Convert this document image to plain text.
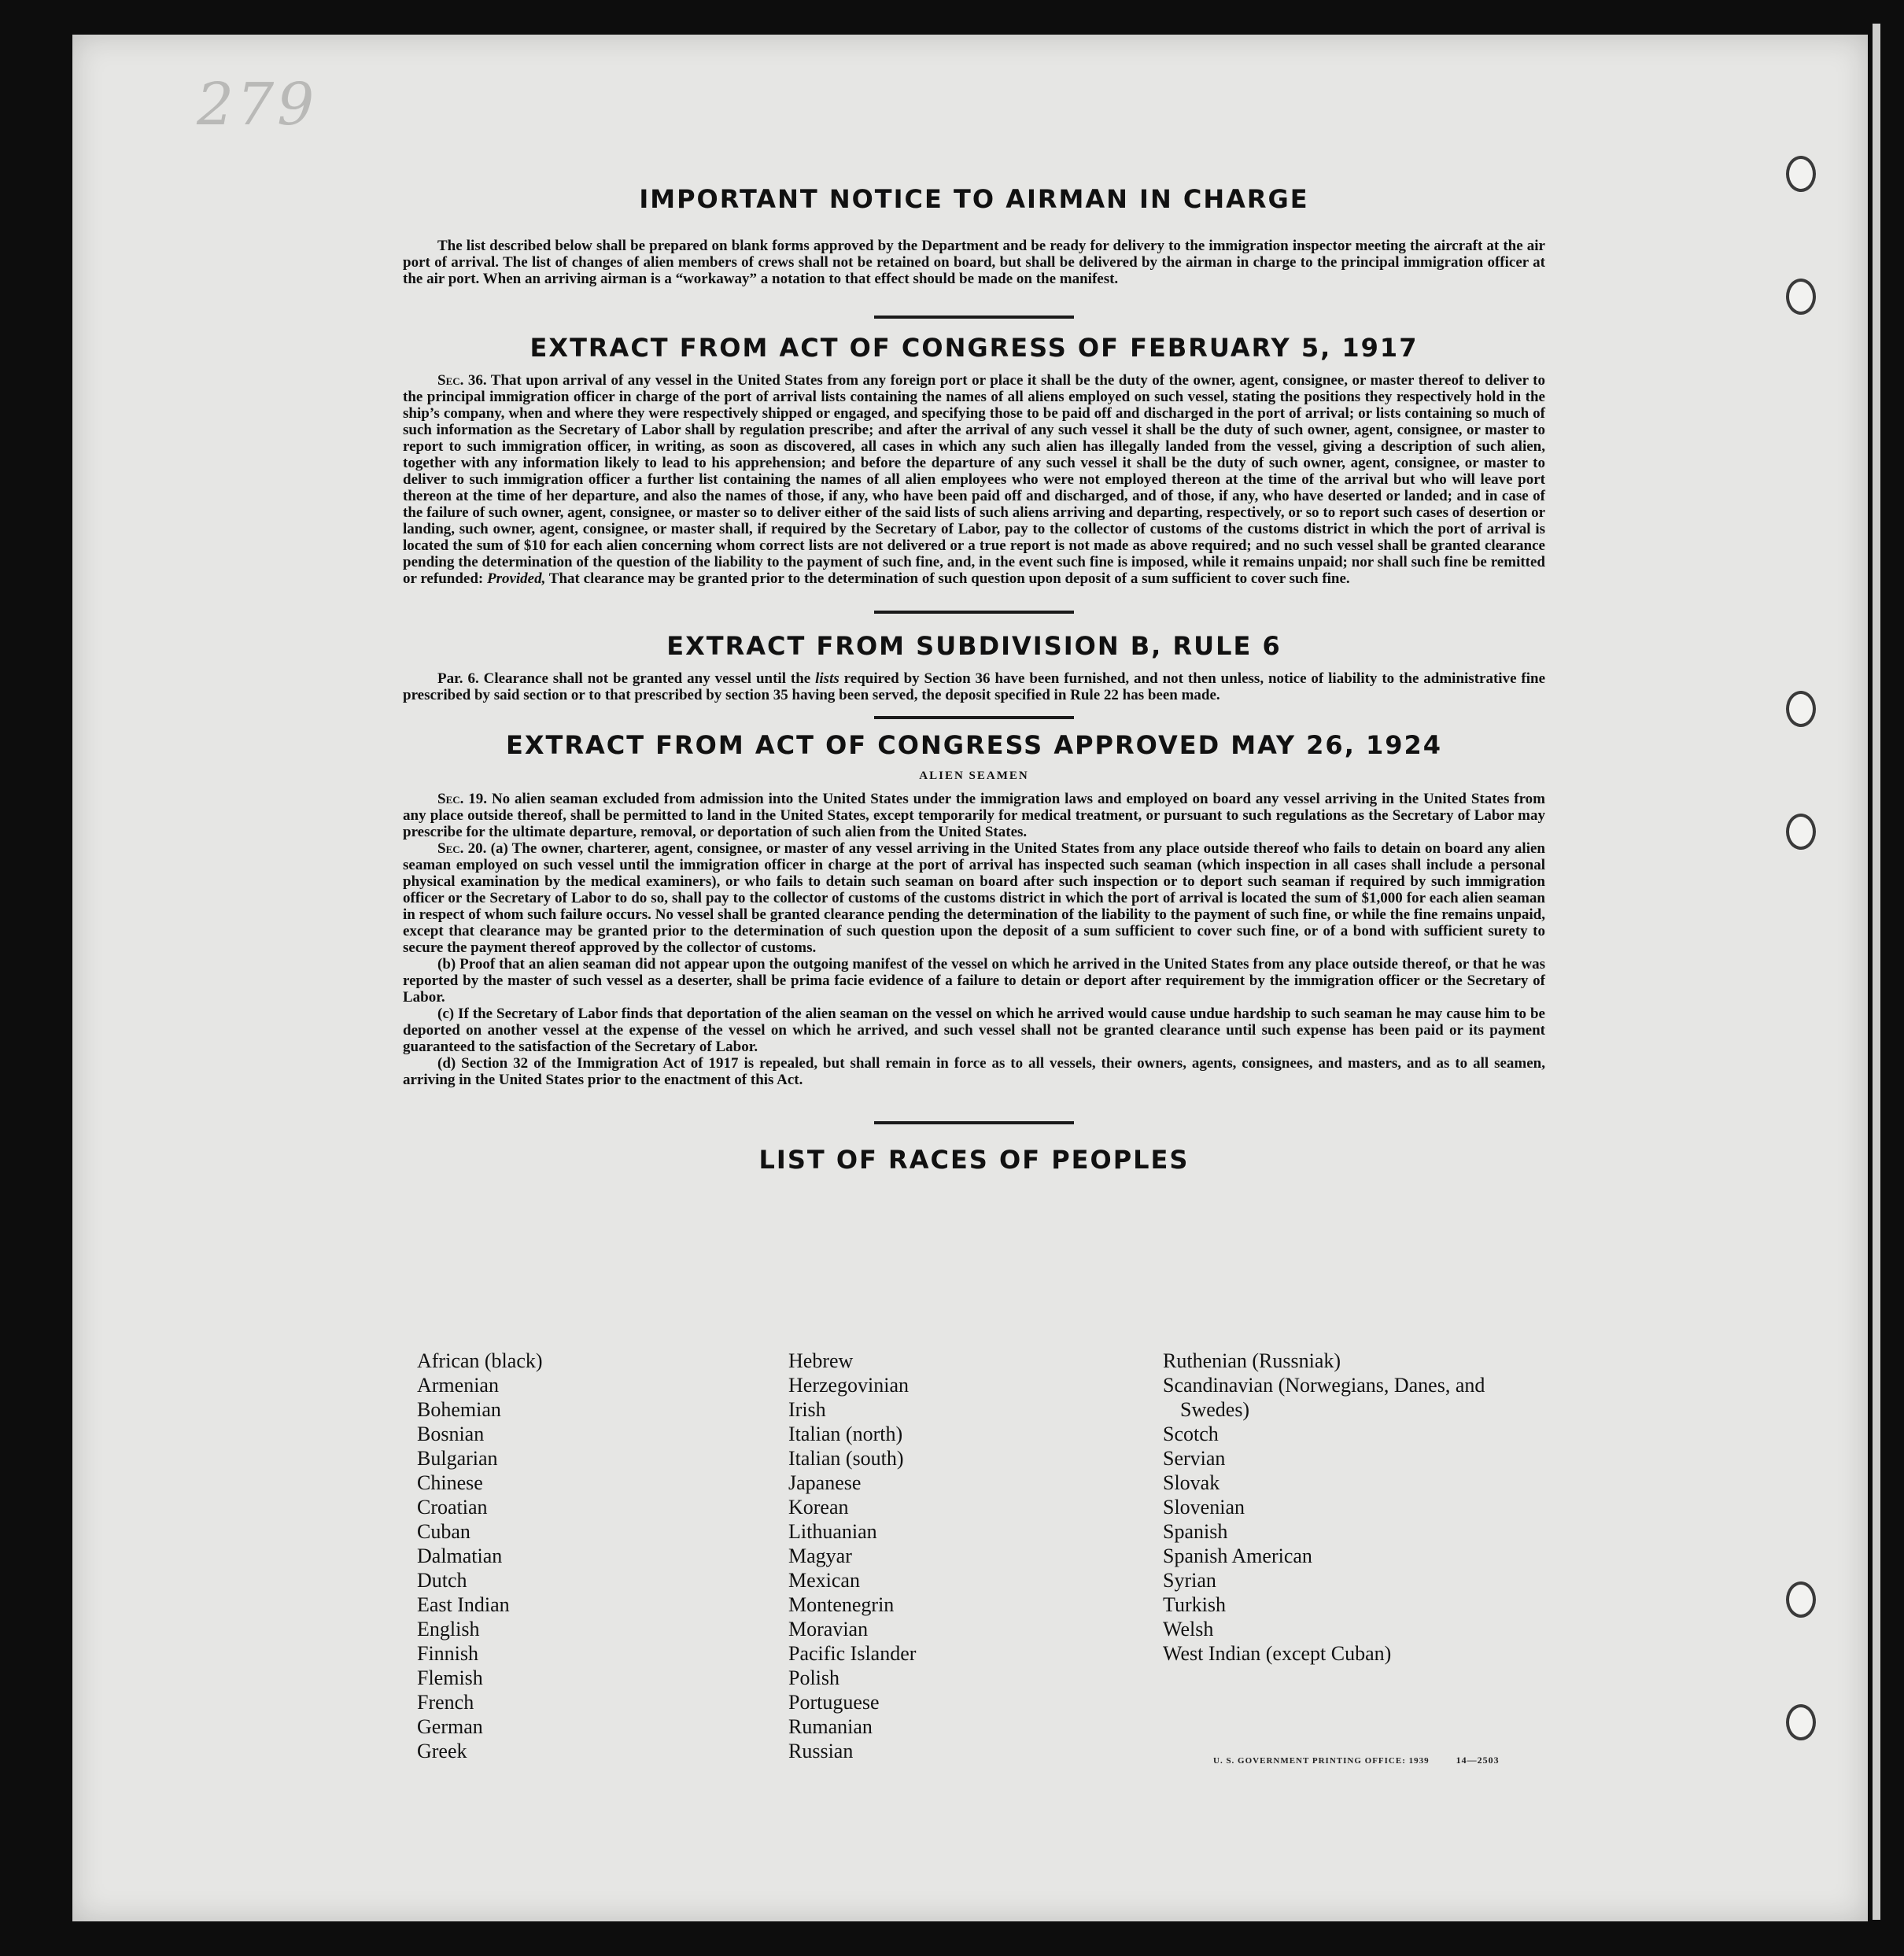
279
IMPORTANT NOTICE TO AIRMAN IN CHARGE

The list described below shall be prepared on blank forms approved by the Department and be ready for delivery to the immigration inspector meeting the aircraft at the air port of arrival. The list of changes of alien members of crews shall not be retained on board, but shall be delivered by the airman in charge to the principal immigration officer at the air port. When an arriving airman is a “workaway” a notation to that effect should be made on the manifest.

EXTRACT FROM ACT OF CONGRESS OF FEBRUARY 5, 1917

Sec. 36. That upon arrival of any vessel in the United States from any foreign port or place it shall be the duty of the owner, agent, consignee, or master thereof to deliver to the principal immigration officer in charge of the port of arrival lists containing the names of all aliens employed on such vessel, stating the positions they respectively hold in the ship’s company, when and where they were respectively shipped or engaged, and specifying those to be paid off and discharged in the port of arrival; or lists containing so much of such information as the Secretary of Labor shall by regulation prescribe; and after the arrival of any such vessel it shall be the duty of such owner, agent, consignee, or master to report to such immigration officer, in writing, as soon as discovered, all cases in which any such alien has illegally landed from the vessel, giving a description of such alien, together with any information likely to lead to his apprehension; and before the departure of any such vessel it shall be the duty of such owner, agent, consignee, or master to deliver to such immigration officer a further list containing the names of all alien employees who were not employed thereon at the time of the arrival but who will leave port thereon at the time of her departure, and also the names of those, if any, who have been paid off and discharged, and of those, if any, who have deserted or landed; and in case of the failure of such owner, agent, consignee, or master so to deliver either of the said lists of such aliens arriving and departing, respectively, or so to report such cases of desertion or landing, such owner, agent, consignee, or master shall, if required by the Secretary of Labor, pay to the collector of customs of the customs district in which the port of arrival is located the sum of $10 for each alien concerning whom correct lists are not delivered or a true report is not made as above required; and no such vessel shall be granted clearance pending the determination of the question of the liability to the payment of such fine, and, in the event such fine is imposed, while it remains unpaid; nor shall such fine be remitted or refunded: Provided, That clearance may be granted prior to the determination of such question upon deposit of a sum sufficient to cover such fine.

EXTRACT FROM SUBDIVISION B, RULE 6

Par. 6. Clearance shall not be granted any vessel until the lists required by Section 36 have been furnished, and not then unless, notice of liability to the administrative fine prescribed by said section or to that prescribed by section 35 having been served, the deposit specified in Rule 22 has been made.

EXTRACT FROM ACT OF CONGRESS APPROVED MAY 26, 1924

ALIEN SEAMEN

Sec. 19. No alien seaman excluded from admission into the United States under the immigration laws and employed on board any vessel arriving in the United States from any place outside thereof, shall be permitted to land in the United States, except temporarily for medical treatment, or pursuant to such regulations as the Secretary of Labor may prescribe for the ultimate departure, removal, or deportation of such alien from the United States.

Sec. 20. (a) The owner, charterer, agent, consignee, or master of any vessel arriving in the United States from any place outside thereof who fails to detain on board any alien seaman employed on such vessel until the immigration officer in charge at the port of arrival has inspected such seaman (which inspection in all cases shall include a personal physical examination by the medical examiners), or who fails to detain such seaman on board after such inspection or to deport such seaman if required by such immigration officer or the Secretary of Labor to do so, shall pay to the collector of customs of the customs district in which the port of arrival is located the sum of $1,000 for each alien seaman in respect of whom such failure occurs. No vessel shall be granted clearance pending the determination of the liability to the payment of such fine, or while the fine remains unpaid, except that clearance may be granted prior to the determination of such question upon the deposit of a sum sufficient to cover such fine, or of a bond with sufficient surety to secure the payment thereof approved by the collector of customs.

(b) Proof that an alien seaman did not appear upon the outgoing manifest of the vessel on which he arrived in the United States from any place outside thereof, or that he was reported by the master of such vessel as a deserter, shall be prima facie evidence of a failure to detain or deport after requirement by the immigration officer or the Secretary of Labor.

(c) If the Secretary of Labor finds that deportation of the alien seaman on the vessel on which he arrived would cause undue hardship to such seaman he may cause him to be deported on another vessel at the expense of the vessel on which he arrived, and such vessel shall not be granted clearance until such expense has been paid or its payment guaranteed to the satisfaction of the Secretary of Labor.

(d) Section 32 of the Immigration Act of 1917 is repealed, but shall remain in force as to all vessels, their owners, agents, consignees, and masters, and as to all seamen, arriving in the United States prior to the enactment of this Act.

LIST OF RACES OF PEOPLES
African (black)
Armenian
Bohemian
Bosnian
Bulgarian
Chinese
Croatian
Cuban
Dalmatian
Dutch
East Indian
English
Finnish
Flemish
French
German
Greek
Hebrew
Herzegovinian
Irish
Italian (north)
Italian (south)
Japanese
Korean
Lithuanian
Magyar
Mexican
Montenegrin
Moravian
Pacific Islander
Polish
Portuguese
Rumanian
Russian
Ruthenian (Russniak)
Scandinavian (Norwegians, Danes, and Swedes)
Scotch
Servian
Slovak
Slovenian
Spanish
Spanish American
Syrian
Turkish
Welsh
West Indian (except Cuban)
U. S. GOVERNMENT PRINTING OFFICE: 1939	14—2503
